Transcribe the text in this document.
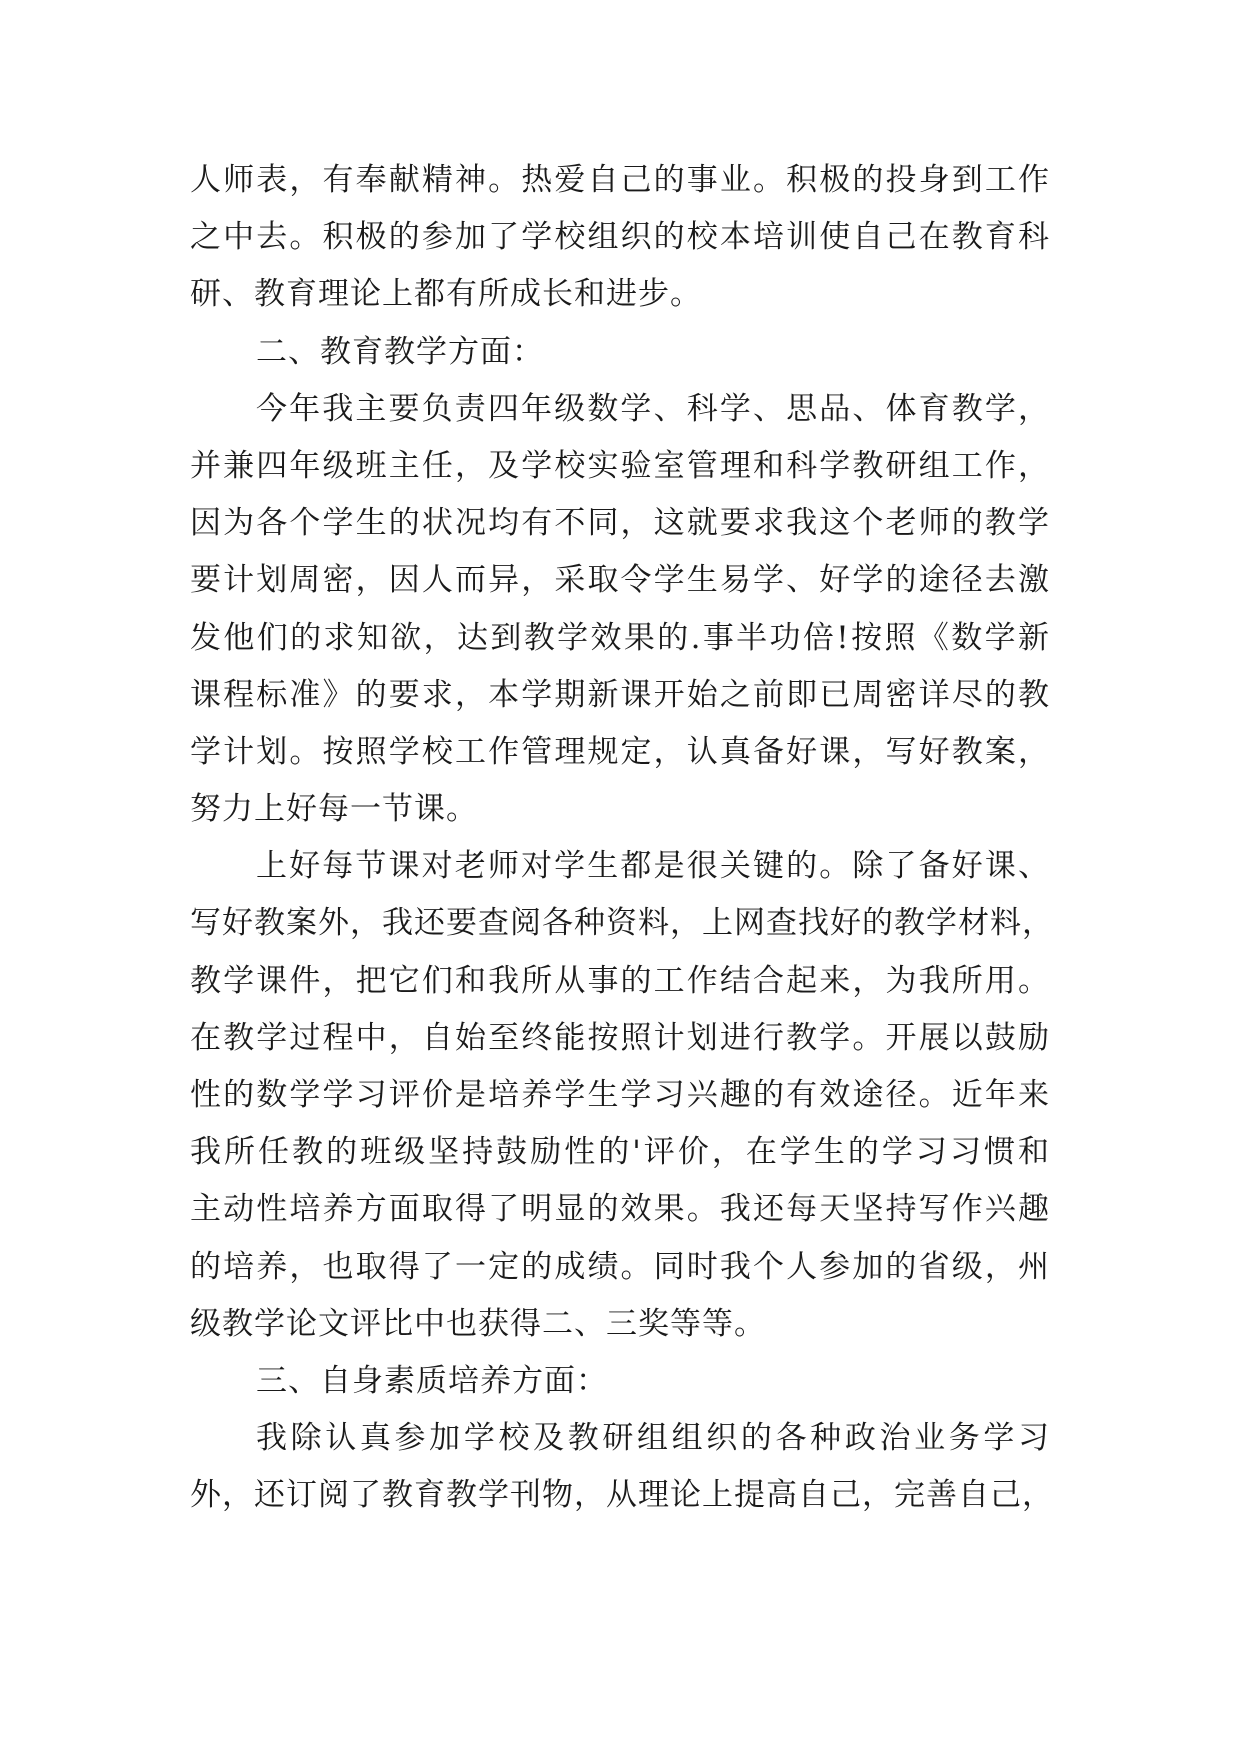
人师表，有奉献精神。热爱自己的事业。积极的投身到工作
之中去。积极的参加了学校组织的校本培训使自己在教育科
研、教育理论上都有所成长和进步。
二、教育教学方面：
今年我主要负责四年级数学、科学、思品、体育教学，
并兼四年级班主任，及学校实验室管理和科学教研组工作，
因为各个学生的状况均有不同，这就要求我这个老师的教学
要计划周密，因人而异，采取令学生易学、好学的途径去激
发他们的求知欲，达到教学效果的.事半功倍!按照《数学新
课程标准》的要求，本学期新课开始之前即已周密详尽的教
学计划。按照学校工作管理规定，认真备好课，写好教案，
努力上好每一节课。
上好每节课对老师对学生都是很关键的。除了备好课、
写好教案外，我还要查阅各种资料，上网查找好的教学材料，
教学课件，把它们和我所从事的工作结合起来，为我所用。
在教学过程中，自始至终能按照计划进行教学。开展以鼓励
性的数学学习评价是培养学生学习兴趣的有效途径。近年来
我所任教的班级坚持鼓励性的'评价，在学生的学习习惯和
主动性培养方面取得了明显的效果。我还每天坚持写作兴趣
的培养，也取得了一定的成绩。同时我个人参加的省级，州
级教学论文评比中也获得二、三奖等等。
三、自身素质培养方面：
我除认真参加学校及教研组组织的各种政治业务学习
外，还订阅了教育教学刊物，从理论上提高自己，完善自己，
